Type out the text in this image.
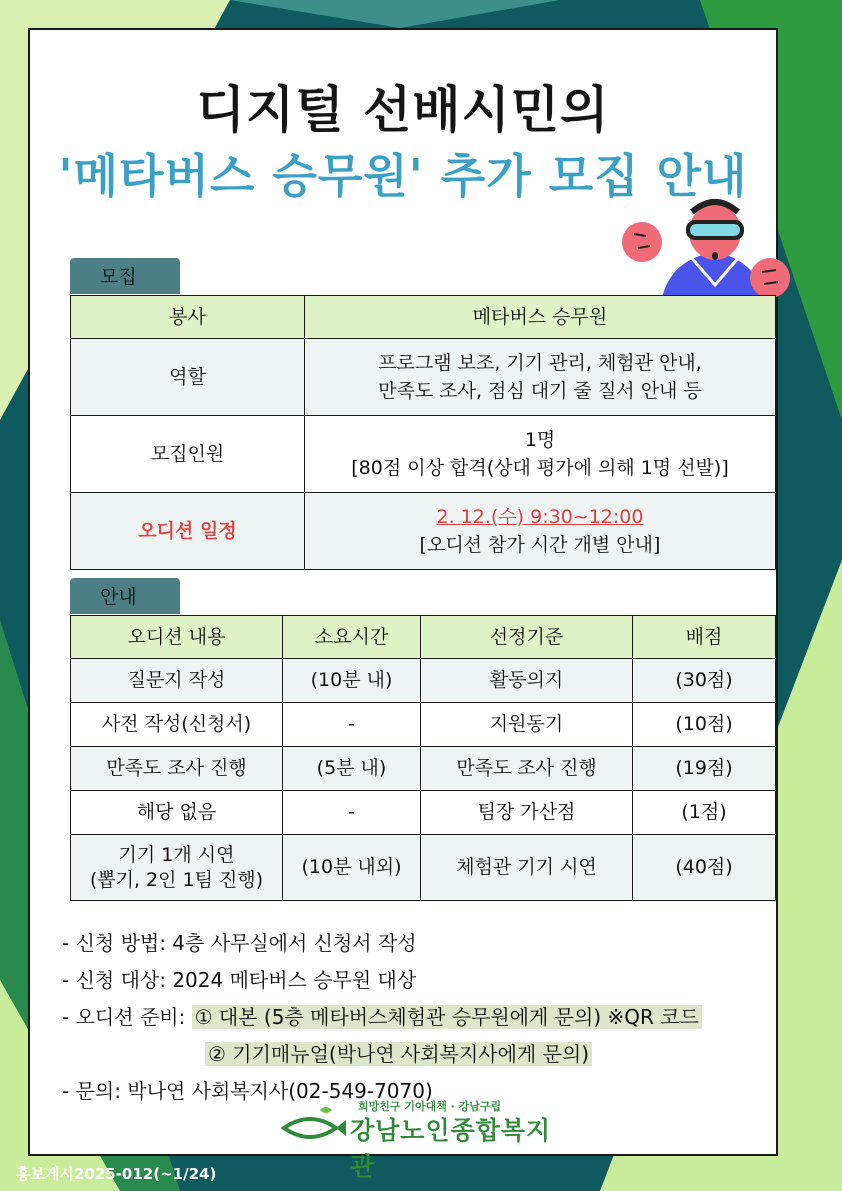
디지털 선배시민의
'메타버스 승무원' 추가 모집 안내
모집
봉사	메타버스 승무원
역할	프로그램 보조, 기기 관리, 체험관 안내,
만족도 조사, 점심 대기 줄 질서 안내 등

모집인원	1명
[80점 이상 합격(상대 평가에 의해 1명 선발)]

오디션 일정	2. 12.(수) 9:30~12:00
[오디션 참가 시간 개별 안내]
안내
오디션 내용	소요시간	선정기준	배점
질문지 작성	(10분 내)	활동의지	(30점)
사전 작성(신청서)	-	지원동기	(10점)
만족도 조사 진행	(5분 내)	만족도 조사 진행	(19점)
해당 없음	-	팀장 가산점	(1점)
기기 1개 시연
(뽑기, 2인 1팀 진행)	(10분 내외)	체험관 기기 시연	(40점)
- 신청 방법: 4층 사무실에서 신청서 작성
- 신청 대상: 2024 메타버스 승무원 대상
- 오디션 준비: ① 대본 (5층 메타버스체험관 승무원에게 문의) ※QR 코드
② 기기매뉴얼(박나연 사회복지사에게 문의)
- 문의: 박나연 사회복지사(02-549-7070)
희망친구 기아대책 · 강남구립
강남노인종합복지관
홍보게시2025-012(~1/24)
